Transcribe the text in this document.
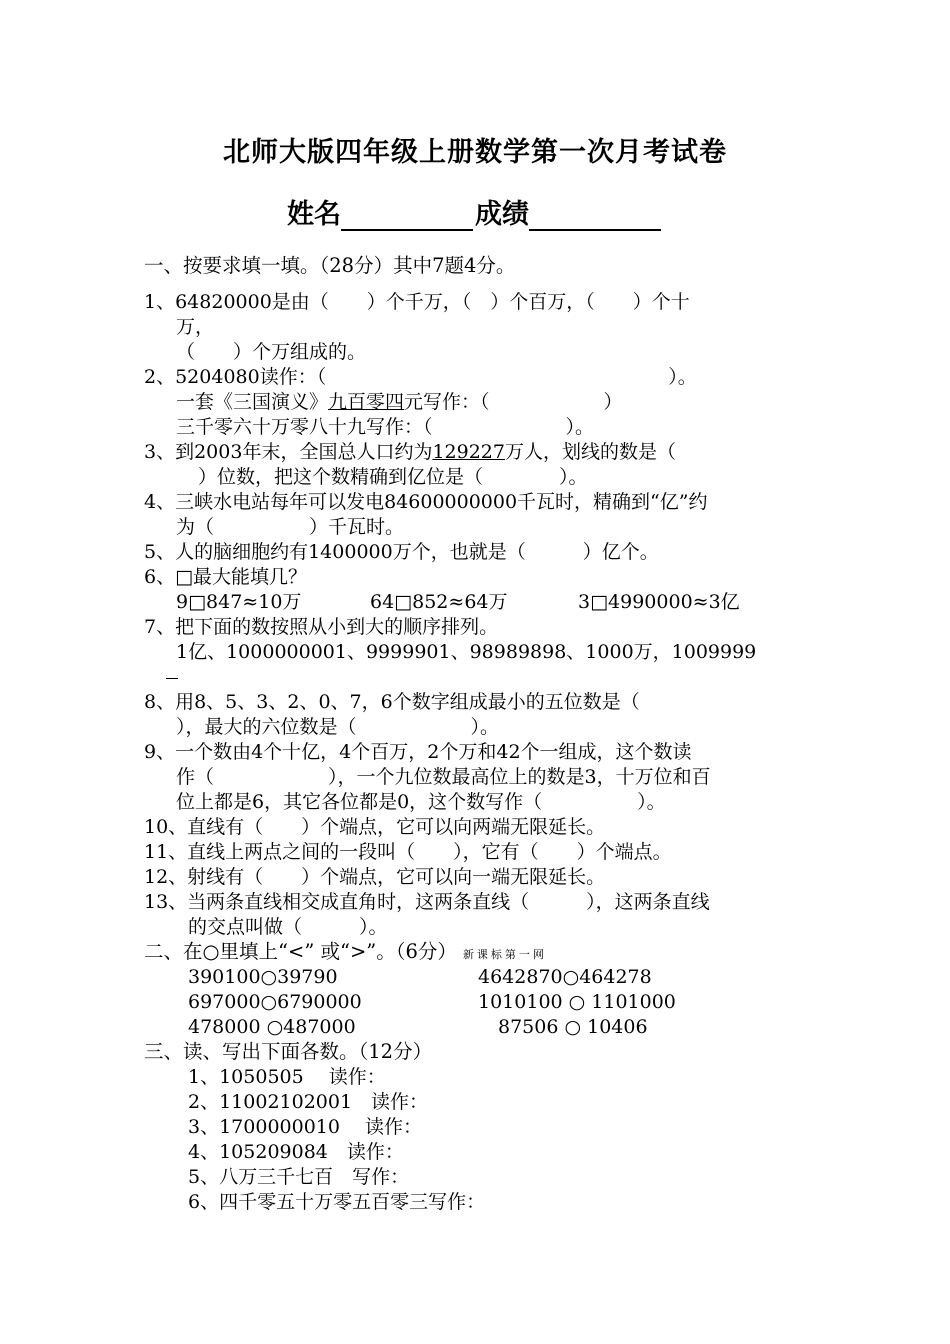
北师大版四年级上册数学第一次月考试卷
姓名	成绩
一、按要求填一填。（28分）其中7题4分。
1、64820000是由（　　）个千万，（　）个百万，（　　）个十
万，
（　　）个万组成的。
2、5204080读作：（　　　　　　　　　　　　　　　　　　）。
一套《三国演义》九百零四元写作：（　　　　　　）
三千零六十万零八十九写作：（　　　　　　　）。
3、到2003年末，全国总人口约为129227万人，划线的数是（
）位数，把这个数精确到亿位是（　　　　）。
4、三峡水电站每年可以发电84600000000千瓦时，精确到“亿”约
为（　　　　　）千瓦时。
5、人的脑细胞约有1400000万个，也就是（　　　）亿个。
6、□最大能填几？
9□847≈10万	64□852≈64万	3□4990000≈3亿
7、把下面的数按照从小到大的顺序排列。
1亿、1000000001、9999901、98989898、1000万，1009999
8、用8、5、3、2、0、7，6个数字组成最小的五位数是（
），最大的六位数是（　　　　　　）。
9、一个数由4个十亿，4个百万，2个万和42个一组成，这个数读
作（　　　　　　），一个九位数最高位上的数是3，十万位和百
位上都是6，其它各位都是0，这个数写作（　　　　　）。
10、直线有（　　）个端点，它可以向两端无限延长。
11、直线上两点之间的一段叫（　　），它有（　　）个端点。
12、射线有（　　）个端点，它可以向一端无限延长。
13、当两条直线相交成直角时，这两条直线（　　　），这两条直线
的交点叫做（　　　）。
二、在○里填上“<” 或“>”。（6分） 新课标第一网
390100○39790	4642870○464278
697000○6790000	1010100 ○ 1101000
478000 ○487000	87506 ○ 10406
三、读、写出下面各数。（12分）
1、1050505　 读作：
2、11002102001　读作：
3、1700000010　 读作：
4、105209084　读作：
5、八万三千七百　写作：
6、四千零五十万零五百零三写作：
